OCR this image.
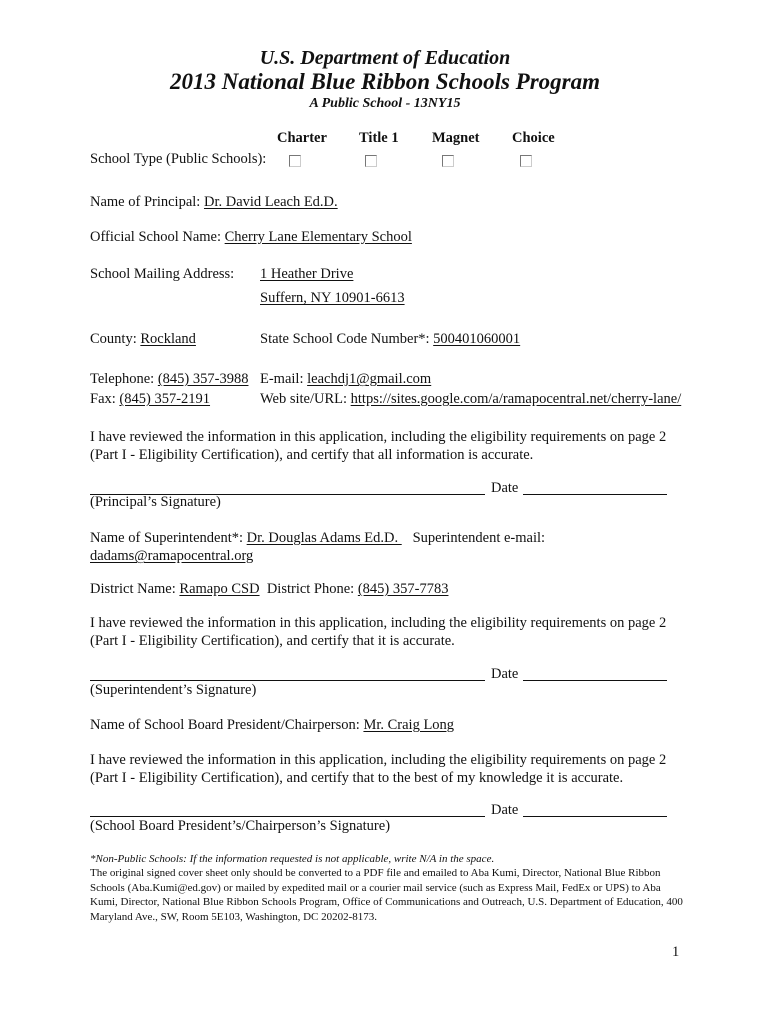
U.S. Department of Education
2013 National Blue Ribbon Schools Program
A Public School - 13NY15
Charter Title 1 Magnet Choice
School Type (Public Schools):
Name of Principal: Dr. David Leach Ed.D.
Official School Name: Cherry Lane Elementary School
School Mailing Address: 1 Heather Drive
Suffern, NY 10901-6613
County: Rockland	State School Code Number*: 500401060001
Telephone: (845) 357-3988 E-mail: leachdj1@gmail.com
Fax: (845) 357-2191	Web site/URL: https://sites.google.com/a/ramapocentral.net/cherry-lane/
I have reviewed the information in this application, including the eligibility requirements on page 2 (Part I - Eligibility Certification), and certify that all information is accurate.
Date
(Principal’s Signature)
Name of Superintendent*: Dr. Douglas Adams Ed.D.    Superintendent e-mail: dadams@ramapocentral.org
District Name: Ramapo CSD District Phone: (845) 357-7783
I have reviewed the information in this application, including the eligibility requirements on page 2 (Part I - Eligibility Certification), and certify that it is accurate.
Date
(Superintendent’s Signature)
Name of School Board President/Chairperson: Mr. Craig Long
I have reviewed the information in this application, including the eligibility requirements on page 2 (Part I - Eligibility Certification), and certify that to the best of my knowledge it is accurate.
Date
(School Board President’s/Chairperson’s Signature)
*Non-Public Schools: If the information requested is not applicable, write N/A in the space.
The original signed cover sheet only should be converted to a PDF file and emailed to Aba Kumi, Director, National Blue Ribbon Schools (Aba.Kumi@ed.gov) or mailed by expedited mail or a courier mail service (such as Express Mail, FedEx or UPS) to Aba Kumi, Director, National Blue Ribbon Schools Program, Office of Communications and Outreach, U.S. Department of Education, 400 Maryland Ave., SW, Room 5E103, Washington, DC 20202-8173.
1
